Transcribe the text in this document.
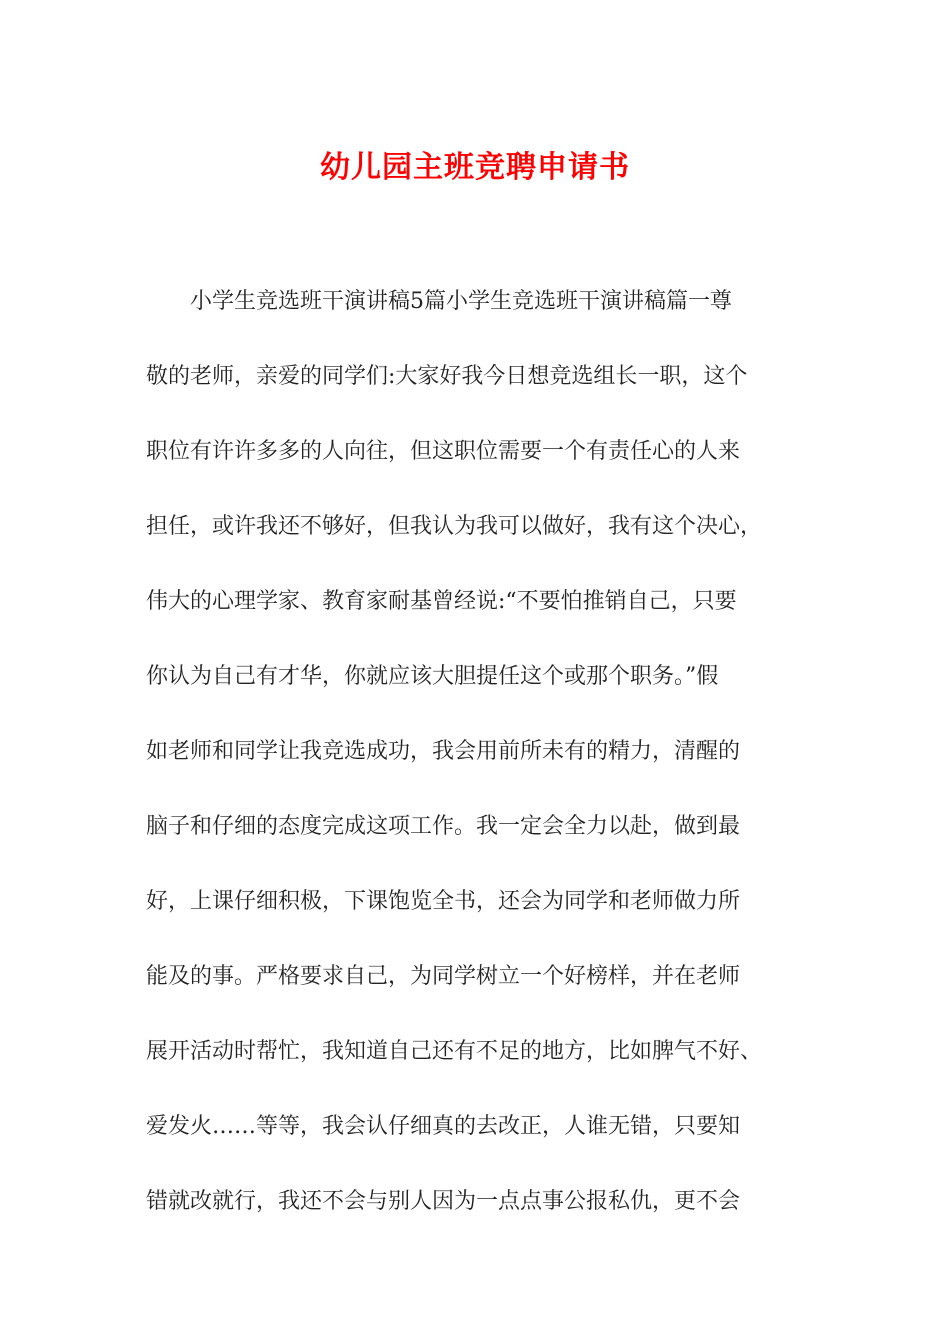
幼儿园主班竞聘申请书
小学生竞选班干演讲稿5篇小学生竞选班干演讲稿篇一尊
敬的老师，亲爱的同学们:大家好我今日想竞选组长一职，这个
职位有许许多多的人向往，但这职位需要一个有责任心的人来
担任，或许我还不够好，但我认为我可以做好，我有这个决心，
伟大的心理学家、教育家耐基曾经说:“不要怕推销自己，只要
你认为自己有才华，你就应该大胆提任这个或那个职务。”假
如老师和同学让我竞选成功，我会用前所未有的精力，清醒的
脑子和仔细的态度完成这项工作。我一定会全力以赴，做到最
好，上课仔细积极，下课饱览全书，还会为同学和老师做力所
能及的事。严格要求自己，为同学树立一个好榜样，并在老师
展开活动时帮忙，我知道自己还有不足的地方，比如脾气不好、
爱发火……等等，我会认仔细真的去改正，人谁无错，只要知
错就改就行，我还不会与别人因为一点点事公报私仇，更不会
